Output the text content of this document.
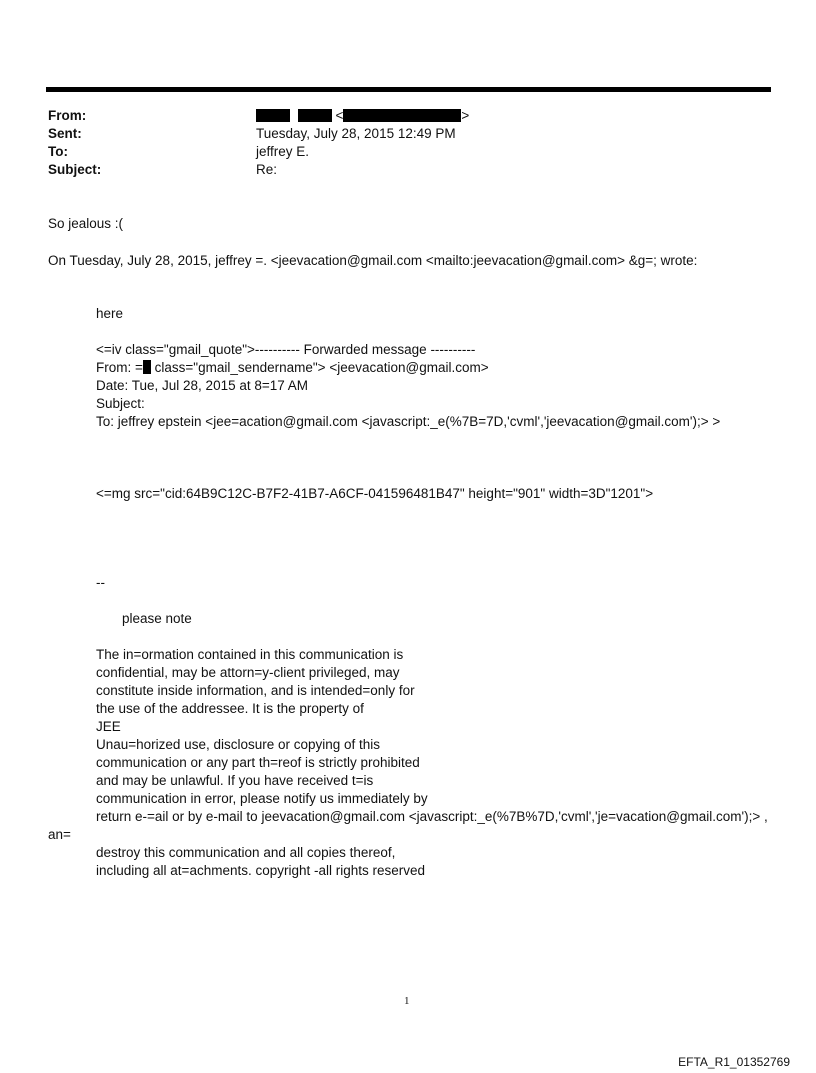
From:	<	>
Sent:	Tuesday, July 28, 2015 12:49 PM
To:	jeffrey E.
Subject:	Re:
So jealous :(
On Tuesday, July 28, 2015, jeffrey =. <jeevacation@gmail.com <mailto:jeevacation@gmail.com> &g=; wrote:
here
<=iv class="gmail_quote">---------- Forwarded message ----------
From: = class="gmail_sendername"> <jeevacation@gmail.com>
Date: Tue, Jul 28, 2015 at 8=17 AM
Subject:
To: jeffrey epstein <jee=acation@gmail.com <javascript:_e(%7B=7D,'cvml','jeevacation@gmail.com');> >
<=mg src="cid:64B9C12C-B7F2-41B7-A6CF-041596481B47" height="901" width=3D"1201">
--
please note
The in=ormation contained in this communication is
confidential, may be attorn=y-client privileged, may
constitute inside information, and is intended=only for
the use of the addressee. It is the property of
JEE
Unau=horized use, disclosure or copying of this
communication or any part th=reof is strictly prohibited
and may be unlawful. If you have received t=is
communication in error, please notify us immediately by
return e-=ail or by e-mail to jeevacation@gmail.com <javascript:_e(%7B%7D,'cvml','je=vacation@gmail.com');> ,
an=
destroy this communication and all copies thereof,
including all at=achments. copyright -all rights reserved
1
EFTA_R1_01352769
